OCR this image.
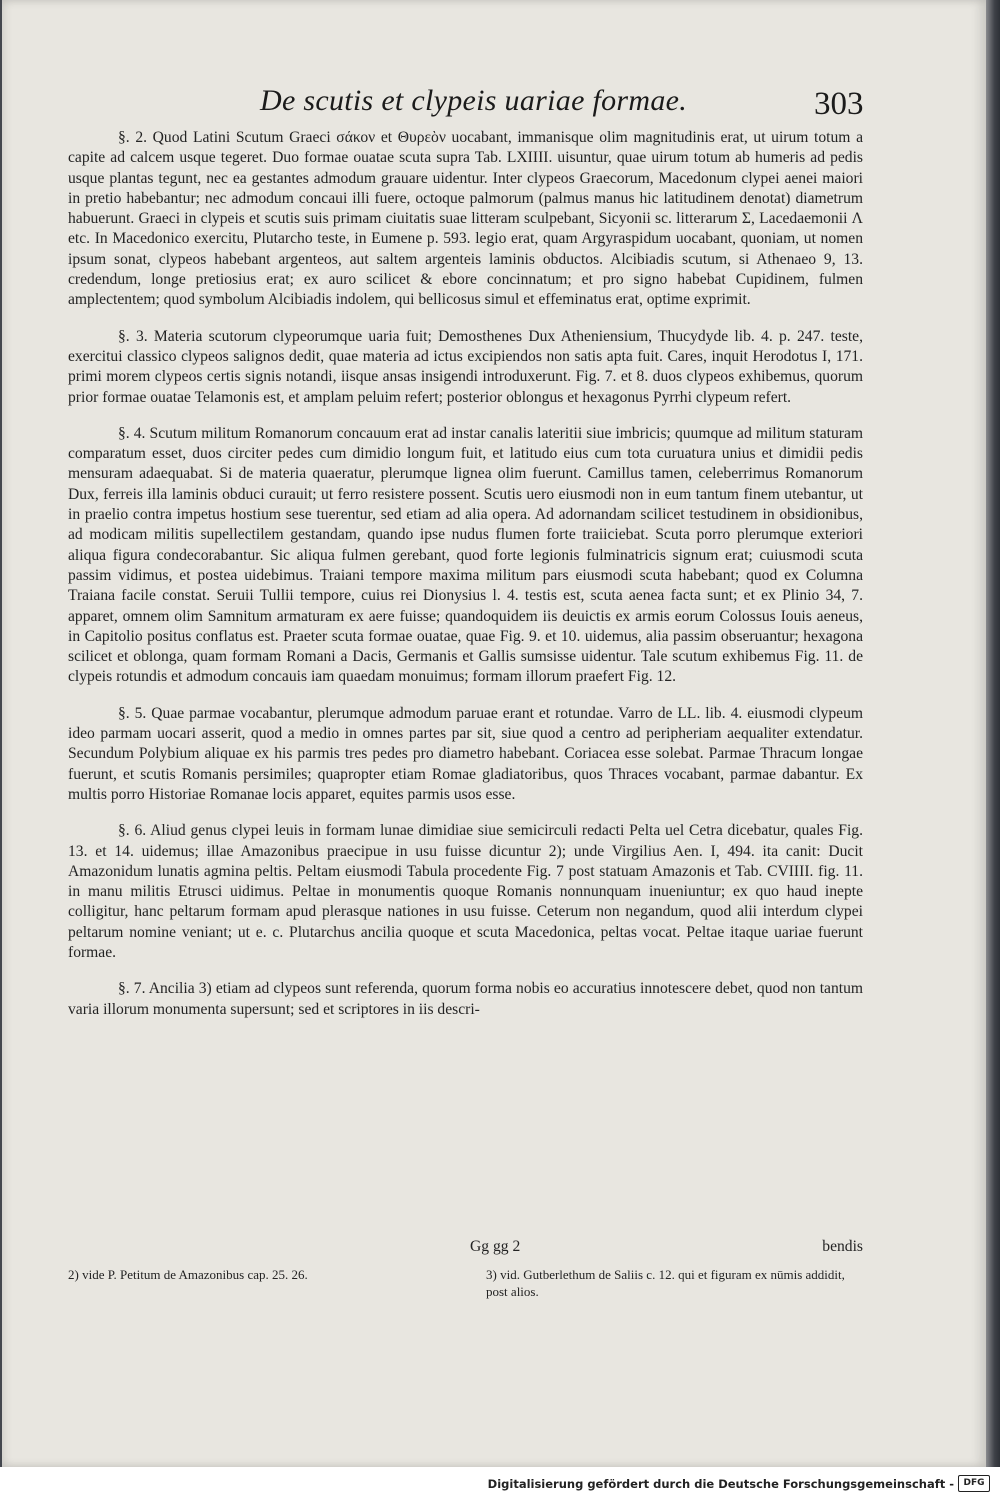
De scutis et clypeis uariae formae.	303

§. 2. Quod Latini Scutum Graeci σάκον et Θυρεὸν uocabant, immanisque olim magnitudinis erat, ut uirum totum a capite ad calcem usque tegeret. Duo formae ouatae scuta supra Tab. LXIIII. uisuntur, quae uirum totum ab humeris ad pedis usque plantas tegunt, nec ea gestantes admodum grauare uidentur. Inter clypeos Graecorum, Macedonum clypei aenei maiori in pretio habebantur; nec admodum concaui illi fuere, octoque palmorum (palmus manus hic latitudinem denotat) diametrum habuerunt. Graeci in clypeis et scutis suis primam ciuitatis suae litteram sculpebant, Sicyonii sc. litterarum Σ, Lacedaemonii Λ etc. In Macedonico exercitu, Plutarcho teste, in Eumene p. 593. legio erat, quam Argyraspidum uocabant, quoniam, ut nomen ipsum sonat, clypeos habebant argenteos, aut saltem argenteis laminis obductos. Alcibiadis scutum, si Athenaeo 9, 13. credendum, longe pretiosius erat; ex auro scilicet & ebore concinnatum; et pro signo habebat Cupidinem, fulmen amplectentem; quod symbolum Alcibiadis indolem, qui bellicosus simul et effeminatus erat, optime exprimit.

§. 3. Materia scutorum clypeorumque uaria fuit; Demosthenes Dux Atheniensium, Thucydyde lib. 4. p. 247. teste, exercitui classico clypeos salignos dedit, quae materia ad ictus excipiendos non satis apta fuit. Cares, inquit Herodotus I, 171. primi morem clypeos certis signis notandi, iisque ansas insigendi introduxerunt. Fig. 7. et 8. duos clypeos exhibemus, quorum prior formae ouatae Telamonis est, et amplam peluim refert; posterior oblongus et hexagonus Pyrrhi clypeum refert.

§. 4. Scutum militum Romanorum concauum erat ad instar canalis lateritii siue imbricis; quumque ad militum staturam comparatum esset, duos circiter pedes cum dimidio longum fuit, et latitudo eius cum tota curuatura unius et dimidii pedis mensuram adaequabat. Si de materia quaeratur, plerumque lignea olim fuerunt. Camillus tamen, celeberrimus Romanorum Dux, ferreis illa laminis obduci curauit; ut ferro resistere possent. Scutis uero eiusmodi non in eum tantum finem utebantur, ut in praelio contra impetus hostium sese tuerentur, sed etiam ad alia opera. Ad adornandam scilicet testudinem in obsidionibus, ad modicam militis supellectilem gestandam, quando ipse nudus flumen forte traiiciebat. Scuta porro plerumque exteriori aliqua figura condecorabantur. Sic aliqua fulmen gerebant, quod forte legionis fulminatricis signum erat; cuiusmodi scuta passim vidimus, et postea uidebimus. Traiani tempore maxima militum pars eiusmodi scuta habebant; quod ex Columna Traiana facile constat. Seruii Tullii tempore, cuius rei Dionysius l. 4. testis est, scuta aenea facta sunt; et ex Plinio 34, 7. apparet, omnem olim Samnitum armaturam ex aere fuisse; quandoquidem iis deuictis ex armis eorum Colossus Iouis aeneus, in Capitolio positus conflatus est. Praeter scuta formae ouatae, quae Fig. 9. et 10. uidemus, alia passim obseruantur; hexagona scilicet et oblonga, quam formam Romani a Dacis, Germanis et Gallis sumsisse uidentur. Tale scutum exhibemus Fig. 11. de clypeis rotundis et admodum concauis iam quaedam monuimus; formam illorum praefert Fig. 12.

§. 5. Quae parmae vocabantur, plerumque admodum paruae erant et rotundae. Varro de LL. lib. 4. eiusmodi clypeum ideo parmam uocari asserit, quod a medio in omnes partes par sit, siue quod a centro ad peripheriam aequaliter extendatur. Secundum Polybium aliquae ex his parmis tres pedes pro diametro habebant. Coriacea esse solebat. Parmae Thracum longae fuerunt, et scutis Romanis persimiles; quapropter etiam Romae gladiatoribus, quos Thraces vocabant, parmae dabantur. Ex multis porro Historiae Romanae locis apparet, equites parmis usos esse.

§. 6. Aliud genus clypei leuis in formam lunae dimidiae siue semicirculi redacti Pelta uel Cetra dicebatur, quales Fig. 13. et 14. uidemus; illae Amazonibus praecipue in usu fuisse dicuntur 2); unde Virgilius Aen. I, 494. ita canit: Ducit Amazonidum lunatis agmina peltis. Peltam eiusmodi Tabula procedente Fig. 7 post statuam Amazonis et Tab. CVIIII. fig. 11. in manu militis Etrusci uidimus. Peltae in monumentis quoque Romanis nonnunquam inueniuntur; ex quo haud inepte colligitur, hanc peltarum formam apud plerasque nationes in usu fuisse. Ceterum non negandum, quod alii interdum clypei peltarum nomine veniant; ut e. c. Plutarchus ancilia quoque et scuta Macedonica, peltas vocat. Peltae itaque uariae fuerunt formae.

§. 7. Ancilia 3) etiam ad clypeos sunt referenda, quorum forma nobis eo accuratius innotescere debet, quod non tantum varia illorum monumenta supersunt; sed et scriptores in iis descri-

Gg gg 2	bendis
2) vide P. Petitum de Amazonibus cap. 25. 26.	3) vid. Gutberlethum de Saliis c. 12. qui et figuram ex nūmis addidit, post alios.
Digitalisierung gefördert durch die Deutsche Forschungsgemeinschaft -	DFG
